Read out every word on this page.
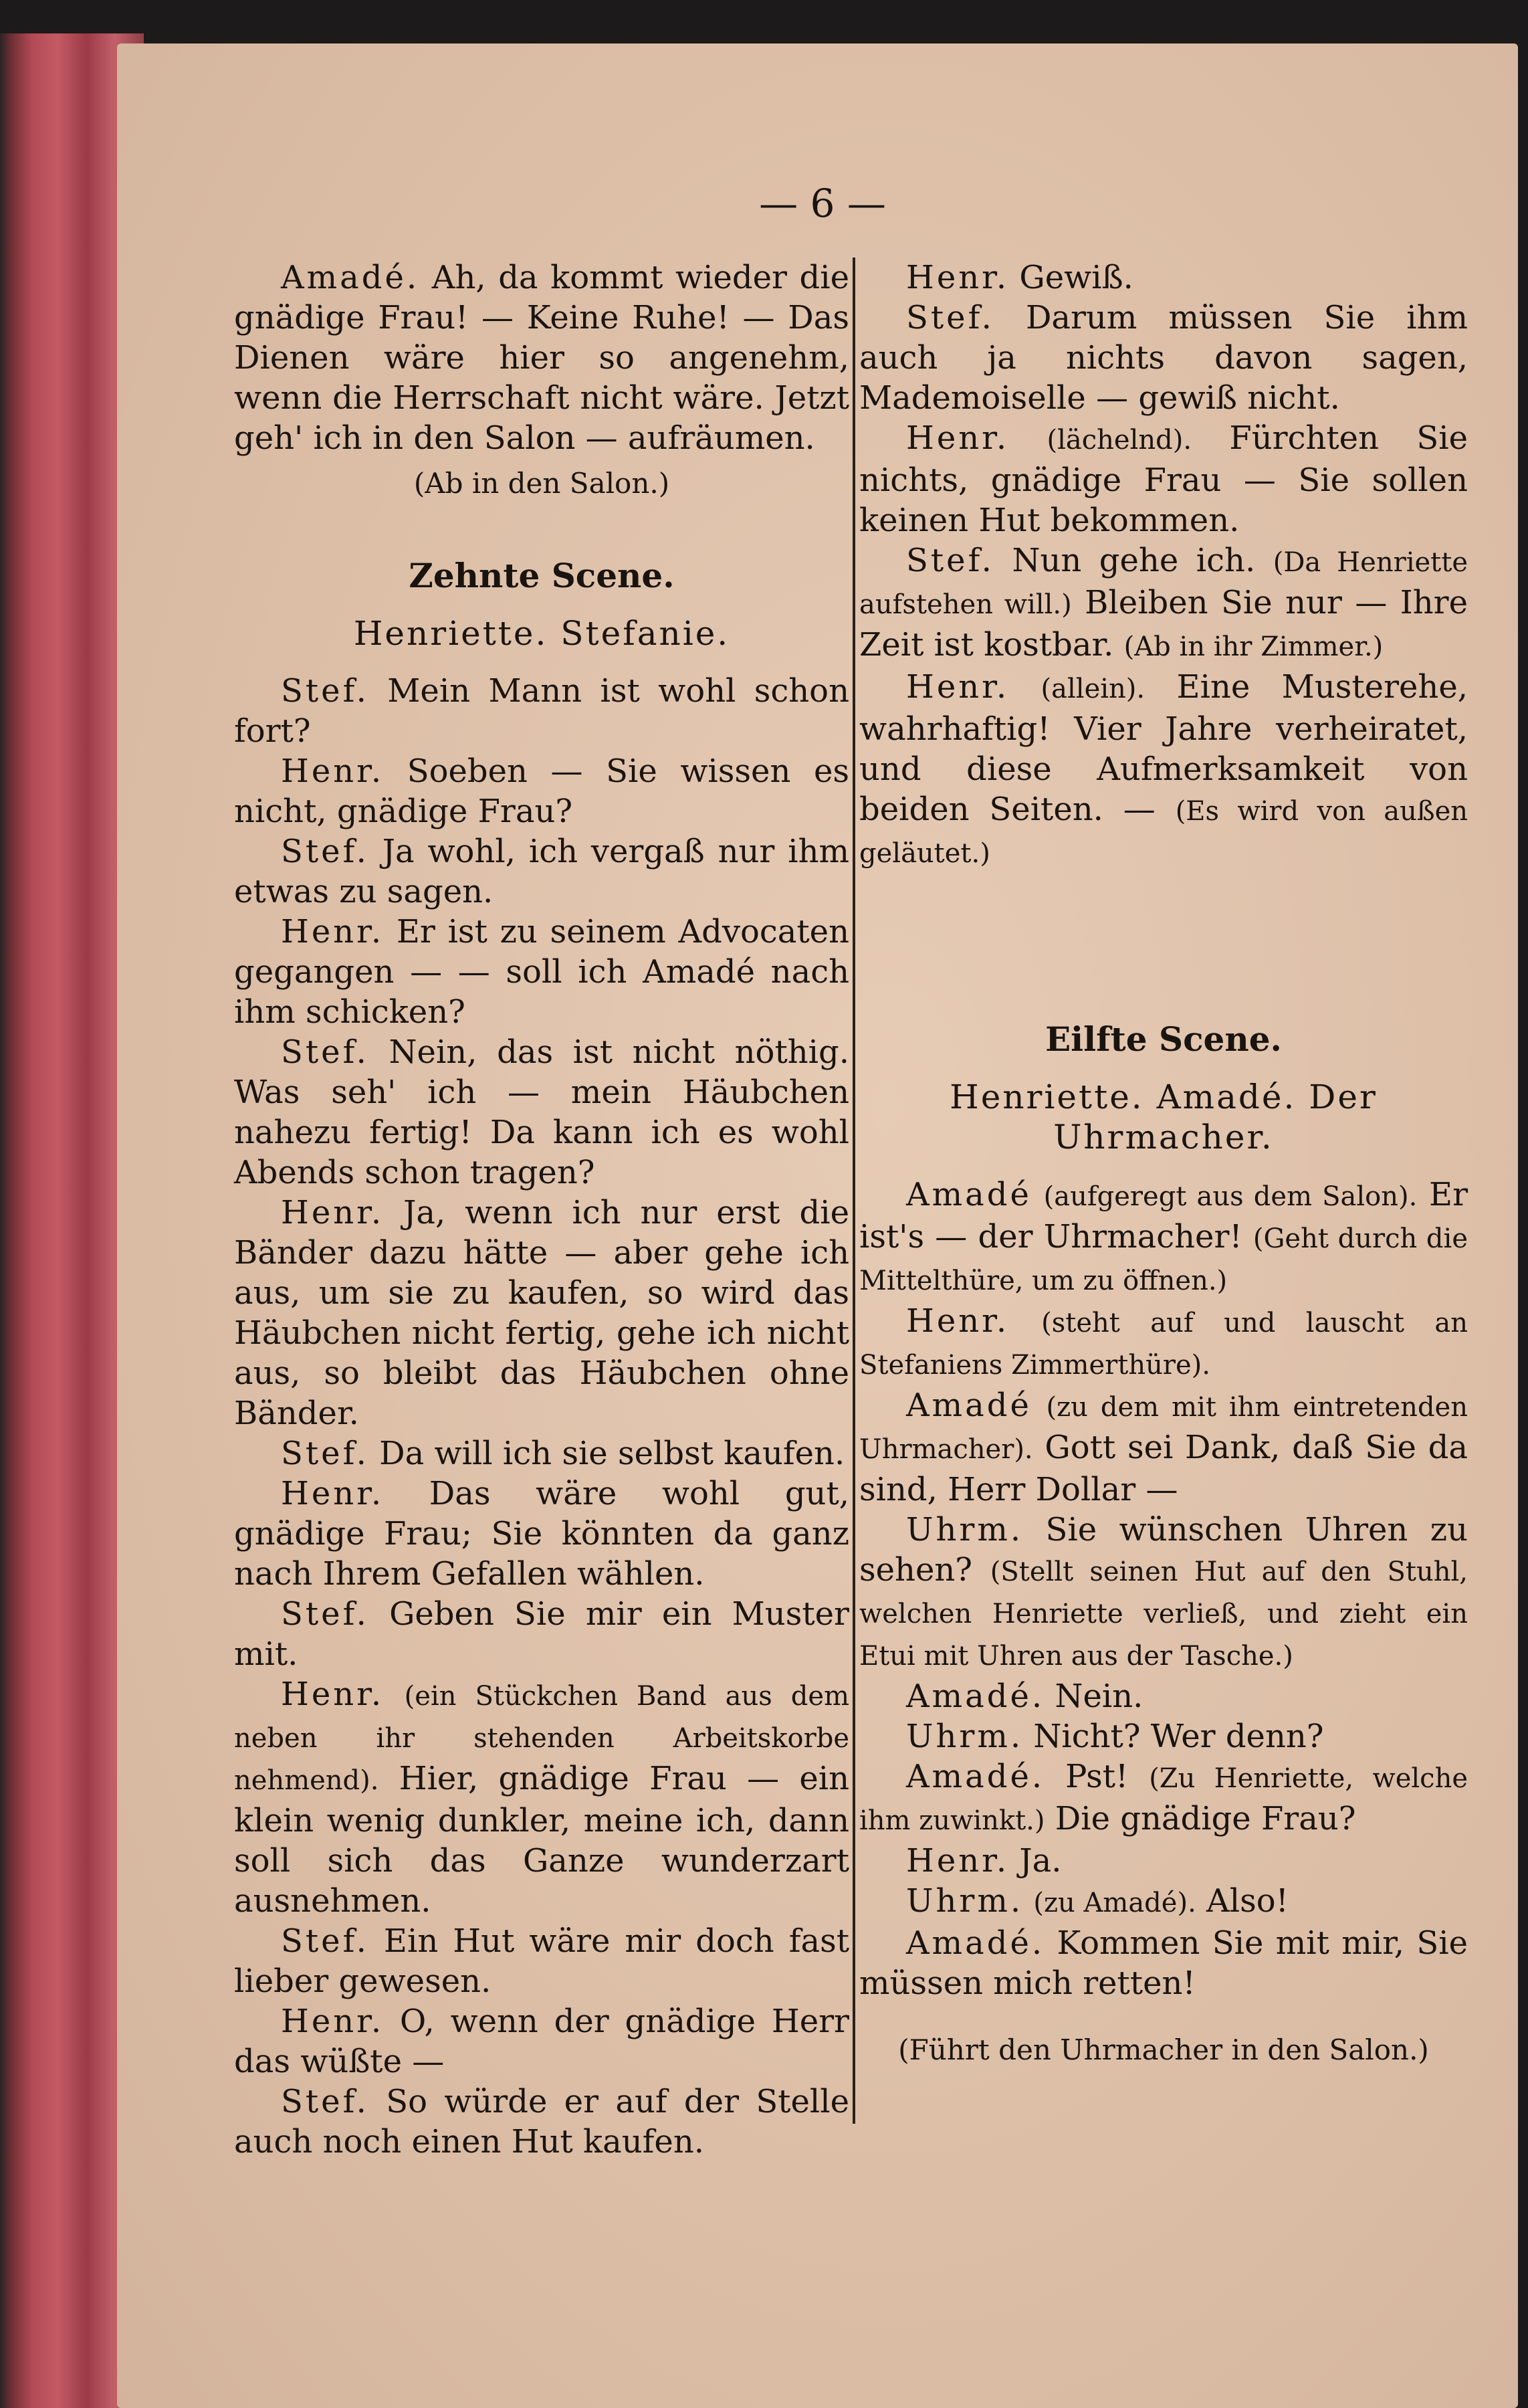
— 6 —

Amadé. Ah, da kommt wieder die gnädige Frau! — Keine Ruhe! — Das Dienen wäre hier so angenehm, wenn die Herrschaft nicht wäre. Jetzt geh' ich in den Salon — aufräumen.

(Ab in den Salon.)

Zehnte Scene.

Henriette. Stefanie.

Stef. Mein Mann ist wohl schon fort?

Henr. Soeben — Sie wissen es nicht, gnädige Frau?

Stef. Ja wohl, ich vergaß nur ihm etwas zu sagen.

Henr. Er ist zu seinem Advocaten gegangen — — soll ich Amadé nach ihm schicken?

Stef. Nein, das ist nicht nöthig. Was seh' ich — mein Häubchen nahezu fertig! Da kann ich es wohl Abends schon tragen?

Henr. Ja, wenn ich nur erst die Bänder dazu hätte — aber gehe ich aus, um sie zu kaufen, so wird das Häubchen nicht fertig, gehe ich nicht aus, so bleibt das Häubchen ohne Bänder.

Stef. Da will ich sie selbst kaufen.

Henr. Das wäre wohl gut, gnädige Frau; Sie könnten da ganz nach Ihrem Gefallen wählen.

Stef. Geben Sie mir ein Muster mit.

Henr. (ein Stückchen Band aus dem neben ihr stehenden Arbeitskorbe nehmend). Hier, gnädige Frau — ein klein wenig dunkler, meine ich, dann soll sich das Ganze wunderzart ausnehmen.

Stef. Ein Hut wäre mir doch fast lieber gewesen.

Henr. O, wenn der gnädige Herr das wüßte —

Stef. So würde er auf der Stelle auch noch einen Hut kaufen.

Henr. Gewiß.

Stef. Darum müssen Sie ihm auch ja nichts davon sagen, Mademoiselle — gewiß nicht.

Henr. (lächelnd). Fürchten Sie nichts, gnädige Frau — Sie sollen keinen Hut bekommen.

Stef. Nun gehe ich. (Da Henriette aufstehen will.) Bleiben Sie nur — Ihre Zeit ist kostbar. (Ab in ihr Zimmer.)

Henr. (allein). Eine Musterehe, wahrhaftig! Vier Jahre verheiratet, und diese Aufmerksamkeit von beiden Seiten. — (Es wird von außen geläutet.)

Eilfte Scene.

Henriette. Amadé. Der Uhrmacher.

Amadé (aufgeregt aus dem Salon). Er ist's — der Uhrmacher! (Geht durch die Mittelthüre, um zu öffnen.)

Henr. (steht auf und lauscht an Stefaniens Zimmerthüre).

Amadé (zu dem mit ihm eintretenden Uhrmacher). Gott sei Dank, daß Sie da sind, Herr Dollar —

Uhrm. Sie wünschen Uhren zu sehen? (Stellt seinen Hut auf den Stuhl, welchen Henriette verließ, und zieht ein Etui mit Uhren aus der Tasche.)

Amadé. Nein.

Uhrm. Nicht? Wer denn?

Amadé. Pst! (Zu Henriette, welche ihm zuwinkt.) Die gnädige Frau?

Henr. Ja.

Uhrm. (zu Amadé). Also!

Amadé. Kommen Sie mit mir, Sie müssen mich retten!

(Führt den Uhrmacher in den Salon.)
